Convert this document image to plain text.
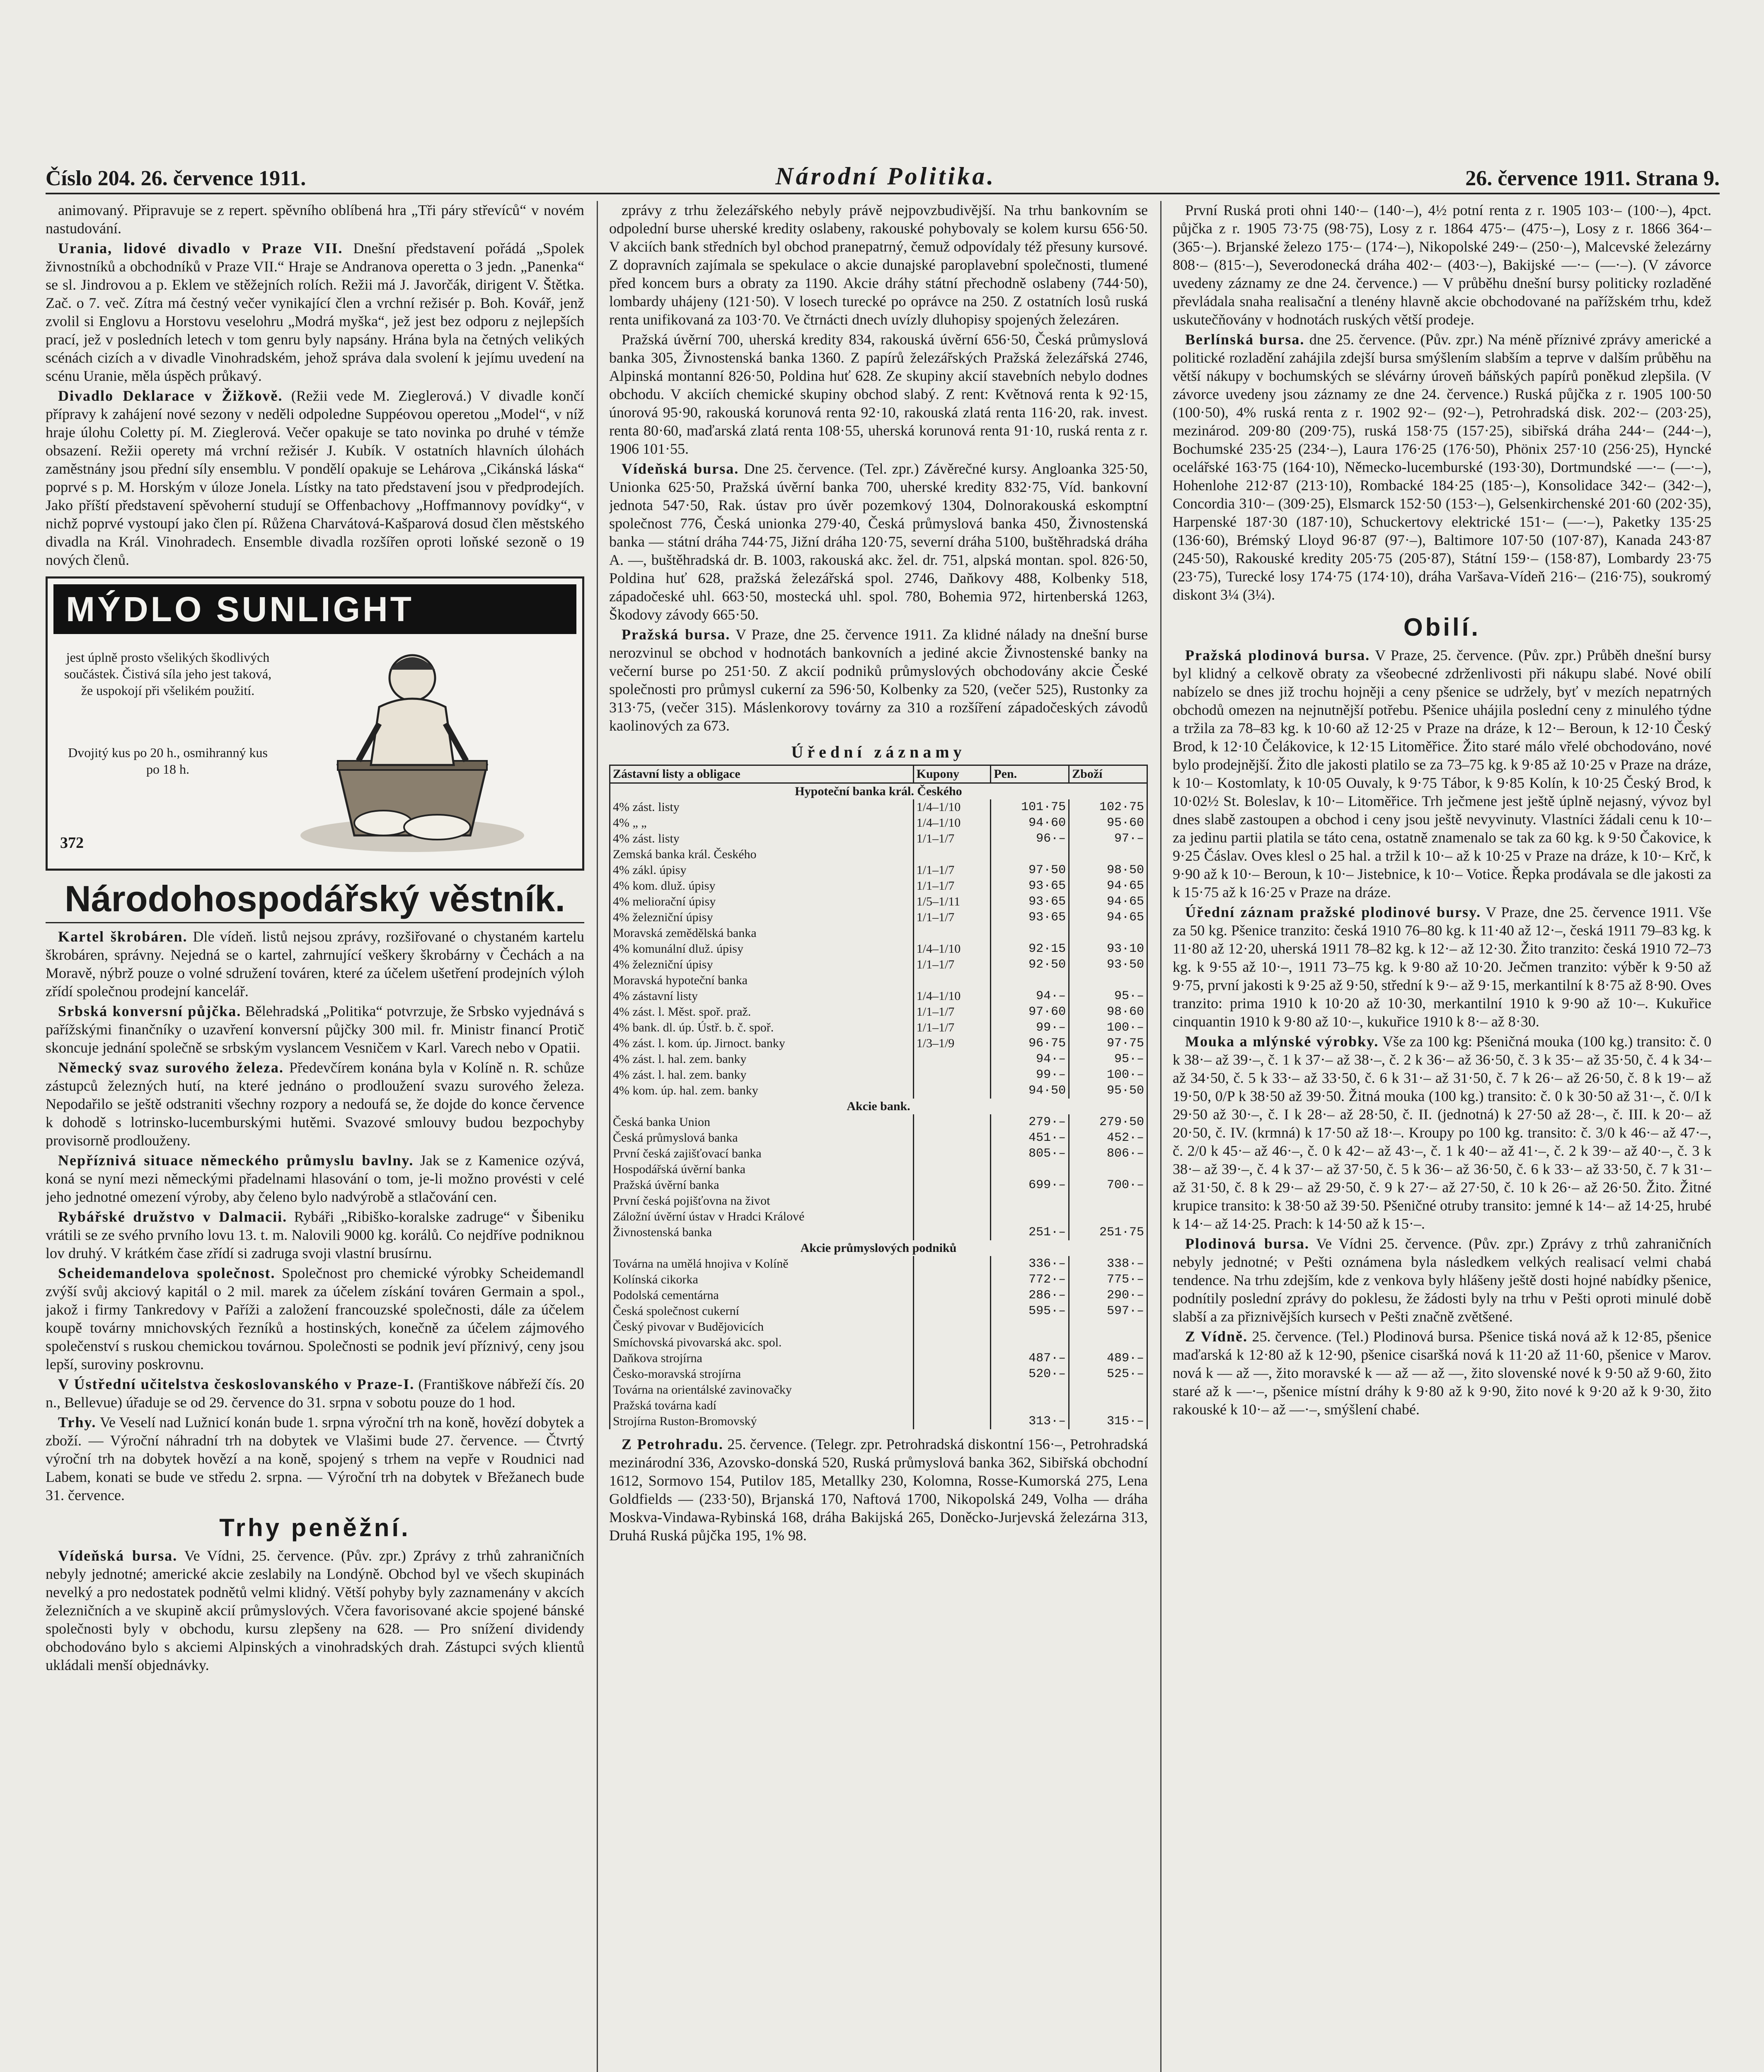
Číslo 204. 26. července 1911.	Národní Politika.	26. července 1911. Strana 9.

animovaný. Připravuje se z repert. spěvního oblíbená hra „Tři páry střevíců“ v novém nastudování.

Urania, lidové divadlo v Praze VII. Dnešní představení pořádá „Spolek živnostníků a obchodníků v Praze VII.“ Hraje se Andranova operetta o 3 jedn. „Panenka“ se sl. Jindrovou a p. Eklem ve stěžejních rolích. Režii má J. Javorčák, dirigent V. Štětka. Zač. o 7. več. Zítra má čestný večer vynikající člen a vrchní režisér p. Boh. Kovář, jenž zvolil si Englovu a Horstovu veselohru „Modrá myška“, jež jest bez odporu z nejlepších prací, jež v posledních letech v tom genru byly napsány. Hrána byla na četných velikých scénách cizích a v divadle Vinohradském, jehož správa dala svolení k jejímu uvedení na scénu Uranie, měla úspěch průkavý.

Divadlo Deklarace v Žižkově. (Režii vede M. Zieglerová.) V divadle končí přípravy k zahájení nové sezony v neděli odpoledne Suppéovou operetou „Model“, v níž hraje úlohu Coletty pí. M. Zieglerová. Večer opakuje se tato novinka po druhé v témže obsazení. Režii operety má vrchní režisér J. Kubík. V ostatních hlavních úlohách zaměstnány jsou přední síly ensemblu. V pondělí opakuje se Lehárova „Cikánská láska“ poprvé s p. M. Horským v úloze Jonela. Lístky na tato představení jsou v předprodejích. Jako příští představení spěvoherní studují se Offenbachovy „Hoffmannovy povídky“, v nichž poprvé vystoupí jako člen pí. Růžena Charvátová-Kašparová dosud člen městského divadla na Král. Vinohradech. Ensemble divadla rozšířen oproti loňské sezoně o 19 nových členů.

MÝDLO SUNLIGHT
jest úplně prosto všelikých škodlivých součástek. Čistivá síla jeho jest taková, že uspokojí při všelikém použití.
Dvojitý kus po 20 h., osmihranný kus po 18 h.
372
Národohospodářský věstník.

Kartel škrobáren. Dle vídeň. listů nejsou zprávy, rozšiřované o chystaném kartelu škrobáren, správny. Nejedná se o kartel, zahrnující veškery škrobárny v Čechách a na Moravě, nýbrž pouze o volné sdružení továren, které za účelem ušetření prodejních výloh zřídí společnou prodejní kancelář.

Srbská konversní půjčka. Bělehradská „Politika“ potvrzuje, že Srbsko vyjednává s pařížskými finančníky o uzavření konversní půjčky 300 mil. fr. Ministr financí Protič skoncuje jednání společně se srbským vyslancem Vesničem v Karl. Varech nebo v Opatii.

Německý svaz surového železa. Předevčírem konána byla v Kolíně n. R. schůze zástupců železných hutí, na které jednáno o prodloužení svazu surového železa. Nepodařilo se ještě odstraniti všechny rozpory a nedoufá se, že dojde do konce července k dohodě s lotrinsko-lucemburskými hutěmi. Svazové smlouvy budou bezpochyby provisorně prodlouženy.

Nepříznivá situace německého průmyslu bavlny. Jak se z Kamenice ozývá, koná se nyní mezi německými přadelnami hlasování o tom, je-li možno provésti v celé jeho jednotné omezení výroby, aby čeleno bylo nadvýrobě a stlačování cen.

Rybářské družstvo v Dalmacii. Rybáři „Ribiško-koralske zadruge“ v Šibeniku vrátili se ze svého prvního lovu 13. t. m. Nalovili 9000 kg. korálů. Co nejdříve podniknou lov druhý. V krátkém čase zřídí si zadruga svoji vlastní brusírnu.

Scheidemandelova společnost. Společnost pro chemické výrobky Scheidemandl zvýší svůj akciový kapitál o 2 mil. marek za účelem získání továren Germain a spol., jakož i firmy Tankredovy v Paříži a založení francouzské společnosti, dále za účelem koupě továrny mnichovských řezníků a hostinských, konečně za účelem zájmového společenství s ruskou chemickou továrnou. Společnosti se podnik jeví příznivý, ceny jsou lepší, suroviny poskrovnu.

V Ústřední učitelstva českoslovanského v Praze-I. (Františkove nábřeží čís. 20 n., Bellevue) úřaduje se od 29. července do 31. srpna v sobotu pouze do 1 hod.

Trhy. Ve Veselí nad Lužnicí konán bude 1. srpna výroční trh na koně, hovězí dobytek a zboží. — Výroční náhradní trh na dobytek ve Vlašimi bude 27. července. — Čtvrtý výroční trh na dobytek hovězí a na koně, spojený s trhem na vepře v Roudnici nad Labem, konati se bude ve středu 2. srpna. — Výroční trh na dobytek v Břežanech bude 31. července.

Trhy peněžní.

Vídeňská bursa. Ve Vídni, 25. července. (Pův. zpr.) Zprávy z trhů zahraničních nebyly jednotné; americké akcie zeslabily na Londýně. Obchod byl ve všech skupinách nevelký a pro nedostatek podnětů velmi klidný. Větší pohyby byly zaznamenány v akcích železničních a ve skupině akcií průmyslových. Včera favorisované akcie spojené bánské společnosti byly v obchodu, kursu zlepšeny na 628. — Pro snížení dividendy obchodováno bylo s akciemi Alpinských a vinohradských drah. Zástupci svých klientů ukládali menší objednávky.

zprávy z trhu železářského nebyly právě nejpovzbudivější. Na trhu bankovním se odpolední burse uherské kredity oslabeny, rakouské pohybovaly se kolem kursu 656·50. V akciích bank středních byl obchod pranepatrný, čemuž odpovídaly též přesuny kursové. Z dopravních zajímala se spekulace o akcie dunajské paroplavební společnosti, tlumené před koncem burs a obraty za 1190. Akcie dráhy státní přechodně oslabeny (744·50), lombardy uhájeny (121·50). V losech turecké po oprávce na 250. Z ostatních losů ruská renta unifikovaná za 103·70. Ve čtrnácti dnech uvízly dluhopisy spojených železáren.

Pražská úvěrní 700, uherská kredity 834, rakouská úvěrní 656·50, Česká průmyslová banka 305, Živnostenská banka 1360. Z papírů železářských Pražská železářská 2746, Alpinská montanní 826·50, Poldina huť 628. Ze skupiny akcií stavebních nebylo dodnes obchodu. V akciích chemické skupiny obchod slabý. Z rent: Květnová renta k 92·15, únorová 95·90, rakouská korunová renta 92·10, rakouská zlatá renta 116·20, rak. invest. renta 80·60, maďarská zlatá renta 108·55, uherská korunová renta 91·10, ruská renta z r. 1906 101·55.

Vídeňská bursa. Dne 25. července. (Tel. zpr.) Závěrečné kursy. Angloanka 325·50, Unionka 625·50, Pražská úvěrní banka 700, uherské kredity 832·75, Víd. bankovní jednota 547·50, Rak. ústav pro úvěr pozemkový 1304, Dolnorakouská eskomptní společnost 776, Česká unionka 279·40, Česká průmyslová banka 450, Živnostenská banka — státní dráha 744·75, Jižní dráha 120·75, severní dráha 5100, buštěhradská dráha A. —, buštěhradská dr. B. 1003, rakouská akc. žel. dr. 751, alpská montan. spol. 826·50, Poldina huť 628, pražská železářská spol. 2746, Daňkovy 488, Kolbenky 518, západočeské uhl. 663·50, mostecká uhl. spol. 780, Bohemia 972, hirtenberská 1263, Škodovy závody 665·50.

Pražská bursa. V Praze, dne 25. července 1911. Za klidné nálady na dnešní burse nerozvinul se obchod v hodnotách bankovních a jediné akcie Živnostenské banky na večerní burse po 251·50. Z akcií podniků průmyslových obchodovány akcie České společnosti pro průmysl cukerní za 596·50, Kolbenky za 520, (večer 525), Rustonky za 313·75, (večer 315). Máslenkorovy továrny za 310 a rozšíření západočeských závodů kaolinových za 673.

Úřední záznamy
Zástavní listy a obligace	Kupony	Pen.	Zboží
Hypoteční banka král. Českého			
4% zást. listy	1/4–1/10	101·75	102·75
4% „ „	1/4–1/10	94·60	95·60
4% zást. listy	1/1–1/7	96·–	97·–
Zemská banka král. Českého			
4% zákl. úpisy	1/1–1/7	97·50	98·50
4% kom. dluž. úpisy	1/1–1/7	93·65	94·65
4% meliorační úpisy	1/5–1/11	93·65	94·65
4% železniční úpisy	1/1–1/7	93·65	94·65
Moravská zemědělská banka			
4% komunální dluž. úpisy	1/4–1/10	92·15	93·10
4% železniční úpisy	1/1–1/7	92·50	93·50
Moravská hypoteční banka			
4% zástavní listy	1/4–1/10	94·–	95·–
4% zást. l. Měst. spoř. praž.	1/1–1/7	97·60	98·60
4% bank. dl. úp. Ústř. b. č. spoř.	1/1–1/7	99·–	100·–
4% zást. l. kom. úp. Jirnoct. banky	1/3–1/9	96·75	97·75
4% zást. l. hal. zem. banky		94·–	95·–
4% zást. l. hal. zem. banky		99·–	100·–
4% kom. úp. hal. zem. banky		94·50	95·50
Akcie bank.			
Česká banka Union		279·–	279·50
Česká průmyslová banka		451·–	452·–
První česká zajišťovací banka		805·–	806·–
Hospodářská úvěrní banka			
Pražská úvěrní banka		699·–	700·–
První česká pojišťovna na život			
Záložní úvěrní ústav v Hradci Králové			
Živnostenská banka		251·–	251·75
Akcie průmyslových podniků			
Továrna na umělá hnojiva v Kolíně		336·–	338·–
Kolínská cikorka		772·–	775·–
Podolská cementárna		286·–	290·–
Česká společnost cukerní		595·–	597·–
Český pivovar v Budějovicích			
Smíchovská pivovarská akc. spol.			
Daňkova strojírna		487·–	489·–
Česko-moravská strojírna		520·–	525·–
Továrna na orientálské zavinovačky			
Pražská továrna kadí			
Strojírna Ruston-Bromovský		313·–	315·–

Z Petrohradu. 25. července. (Telegr. zpr. Petrohradská diskontní 156·–, Petrohradská mezinárodní 336, Azovsko-donská 520, Ruská průmyslová banka 362, Sibiřská obchodní 1612, Sormovo 154, Putilov 185, Metallky 230, Kolomna, Rosse-Kumorská 275, Lena Goldfields — (233·50), Brjanská 170, Naftová 1700, Nikopolská 249, Volha — dráha Moskva-Vindawa-Rybinská 168, dráha Bakijská 265, Doněcko-Jurjevská železárna 313, Druhá Ruská půjčka 195, 1% 98.

První Ruská proti ohni 140·– (140·–), 4½ potní renta z r. 1905 103·– (100·–), 4pct. půjčka z r. 1905 73·75 (98·75), Losy z r. 1864 475·– (475·–), Losy z r. 1866 364·– (365·–). Brjanské železo 175·– (174·–), Nikopolské 249·– (250·–), Malcevské železárny 808·– (815·–), Severodonecká dráha 402·– (403·–), Bakijské —·– (—·–). (V závorce uvedeny záznamy ze dne 24. července.) — V průběhu dnešní bursy politicky rozladěné převládala snaha realisační a tlenény hlavně akcie obchodované na pařížském trhu, kdež uskutečňovány v hodnotách ruských větší prodeje.

Berlínská bursa. dne 25. července. (Pův. zpr.) Na méně příznivé zprávy americké a politické rozladění zahájila zdejší bursa smýšlením slabším a teprve v dalším průběhu na větší nákupy v bochumských se slévárny úroveň báňských papírů poněkud zlepšila. (V závorce uvedeny jsou záznamy ze dne 24. července.) Ruská půjčka z r. 1905 100·50 (100·50), 4% ruská renta z r. 1902 92·– (92·–), Petrohradská disk. 202·– (203·25), mezinárod. 209·80 (209·75), ruská 158·75 (157·25), sibiřská dráha 244·– (244·–), Bochumské 235·25 (234·–), Laura 176·25 (176·50), Phönix 257·10 (256·25), Hyncké ocelářské 163·75 (164·10), Německo-lucemburské (193·30), Dortmundské —·– (—·–), Hohenlohe 212·87 (213·10), Rombacké 184·25 (185·–), Konsolidace 342·– (342·–), Concordia 310·– (309·25), Elsmarck 152·50 (153·–), Gelsenkirchenské 201·60 (202·35), Harpenské 187·30 (187·10), Schuckertovy elektrické 151·– (—·–), Paketky 135·25 (136·60), Brémský Lloyd 96·87 (97·–), Baltimore 107·50 (107·87), Kanada 243·87 (245·50), Rakouské kredity 205·75 (205·87), Státní 159·– (158·87), Lombardy 23·75 (23·75), Turecké losy 174·75 (174·10), dráha Varšava-Vídeň 216·– (216·75), soukromý diskont 3¼ (3¼).

Obilí.

Pražská plodinová bursa. V Praze, 25. července. (Pův. zpr.) Průběh dnešní bursy byl klidný a celkově obraty za všeobecné zdrženlivosti při nákupu slabé. Nové obilí nabízelo se dnes již trochu hojněji a ceny pšenice se udržely, byť v mezích nepatrných obchodů omezen na nejnutnější potřebu. Pšenice uhájila poslední ceny z minulého týdne a tržila za 78–83 kg. k 10·60 až 12·25 v Praze na dráze, k 12·– Beroun, k 12·10 Český Brod, k 12·10 Čelákovice, k 12·15 Litoměřice. Žito staré málo vřelé obchodováno, nové bylo prodejnější. Žito dle jakosti platilo se za 73–75 kg. k 9·85 až 10·25 v Praze na dráze, k 10·– Kostomlaty, k 10·05 Ouvaly, k 9·75 Tábor, k 9·85 Kolín, k 10·25 Český Brod, k 10·02½ St. Boleslav, k 10·– Litoměřice. Trh ječmene jest ještě úplně nejasný, vývoz byl dnes slabě zastoupen a obchod i ceny jsou ještě nevyvinuty. Vlastníci žádali cenu k 10·– za jedinu partii platila se táto cena, ostatně znamenalo se tak za 60 kg. k 9·50 Čakovice, k 9·25 Čáslav. Oves klesl o 25 hal. a tržil k 10·– až k 10·25 v Praze na dráze, k 10·– Krč, k 9·90 až k 10·– Beroun, k 10·– Jistebnice, k 10·– Votice. Řepka prodávala se dle jakosti za k 15·75 až k 16·25 v Praze na dráze.

Úřední záznam pražské plodinové bursy. V Praze, dne 25. července 1911. Vše za 50 kg. Pšenice tranzito: česká 1910 76–80 kg. k 11·40 až 12·–, česká 1911 79–83 kg. k 11·80 až 12·20, uherská 1911 78–82 kg. k 12·– až 12·30. Žito tranzito: česká 1910 72–73 kg. k 9·55 až 10·–, 1911 73–75 kg. k 9·80 až 10·20. Ječmen tranzito: výběr k 9·50 až 9·75, první jakosti k 9·25 až 9·50, střední k 9·– až 9·15, merkantilní k 8·75 až 8·90. Oves tranzito: prima 1910 k 10·20 až 10·30, merkantilní 1910 k 9·90 až 10·–. Kukuřice cinquantin 1910 k 9·80 až 10·–, kukuřice 1910 k 8·– až 8·30.

Mouka a mlýnské výrobky. Vše za 100 kg: Pšeničná mouka (100 kg.) transito: č. 0 k 38·– až 39·–, č. 1 k 37·– až 38·–, č. 2 k 36·– až 36·50, č. 3 k 35·– až 35·50, č. 4 k 34·– až 34·50, č. 5 k 33·– až 33·50, č. 6 k 31·– až 31·50, č. 7 k 26·– až 26·50, č. 8 k 19·– až 19·50, 0/P k 38·50 až 39·50. Žitná mouka (100 kg.) transito: č. 0 k 30·50 až 31·–, č. 0/I k 29·50 až 30·–, č. I k 28·– až 28·50, č. II. (jednotná) k 27·50 až 28·–, č. III. k 20·– až 20·50, č. IV. (krmná) k 17·50 až 18·–. Kroupy po 100 kg. transito: č. 3/0 k 46·– až 47·–, č. 2/0 k 45·– až 46·–, č. 0 k 42·– až 43·–, č. 1 k 40·– až 41·–, č. 2 k 39·– až 40·–, č. 3 k 38·– až 39·–, č. 4 k 37·– až 37·50, č. 5 k 36·– až 36·50, č. 6 k 33·– až 33·50, č. 7 k 31·– až 31·50, č. 8 k 29·– až 29·50, č. 9 k 27·– až 27·50, č. 10 k 26·– až 26·50. Žito. Žitné krupice transito: k 38·50 až 39·50. Pšeničné otruby transito: jemné k 14·– až 14·25, hrubé k 14·– až 14·25. Prach: k 14·50 až k 15·–.

Plodinová bursa. Ve Vídni 25. července. (Pův. zpr.) Zprávy z trhů zahraničních nebyly jednotné; v Pešti oznámena byla následkem velkých realisací velmi chabá tendence. Na trhu zdejším, kde z venkova byly hlášeny ještě dosti hojné nabídky pšenice, podnítily poslední zprávy do poklesu, že žádosti byly na trhu v Pešti oproti minulé době slabší a za přiznivějších kursech v Pešti značně zvětšené.

Z Vídně. 25. července. (Tel.) Plodinová bursa. Pšenice tiská nová až k 12·85, pšenice maďarská k 12·80 až k 12·90, pšenice cisaršká nová k 11·20 až 11·60, pšenice v Marov. nová k — až —, žito moravské k — až — až —, žito slovenské nové k 9·50 až 9·60, žito staré až k —·–, pšenice místní dráhy k 9·80 až k 9·90, žito nové k 9·20 až k 9·30, žito rakouské k 10·– až —·–, smýšlení chabé.
